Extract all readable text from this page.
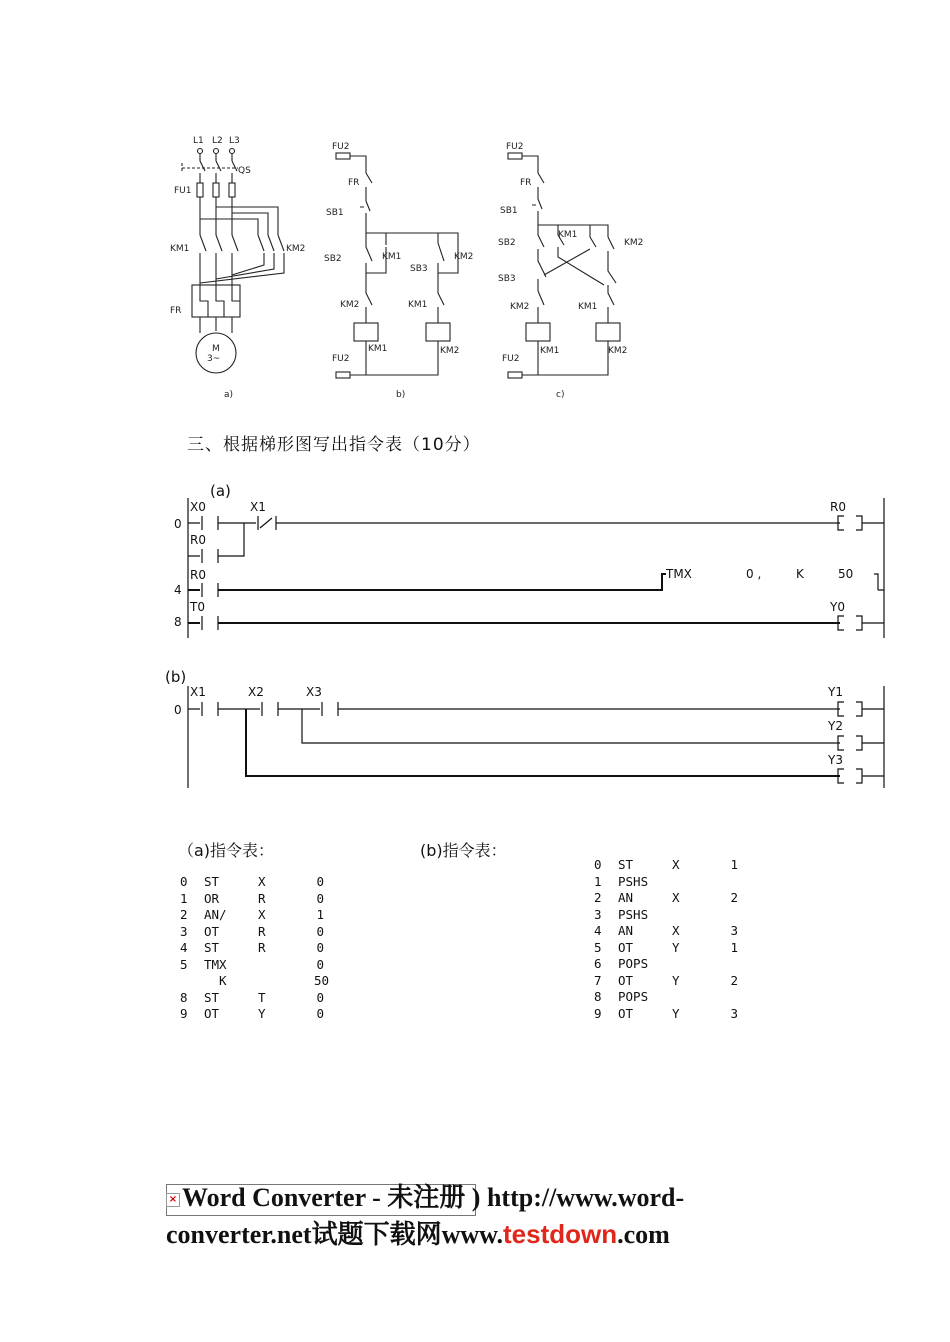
L1 L2 L3
QS
FU1
KM1	KM2
FR
M
3~
a)
FU2
FR
SB1
SB2	KM1
SB3
KM2
KM2	KM1
KM1	KM2
FU2
b)
FU2
FR
SB1
SB2
KM1
KM2
SB3
KM2	KM1
KM1	KM2
FU2
c)
三、根据梯形图写出指令表（10分）
(a)
0
X0	X1
R0
R0
4
R0	TMX	0 ,	K	50
8
T0	Y0
(b)
0
X1	X2	X3	Y1
Y2
Y3
（a)指令表：	(b)指令表：
0	ST	X	0
1	OR	R	0
2	AN/	X	1
3	OT	R	0
4	ST	R	0
5	TMX	0
K	50
8	ST	T	0
9	OT	Y	0
0	ST	X	1
1	PSHS
2	AN	X	2
3	PSHS
4	AN	X	3
5	OT	Y	1
6	POPS
7	OT	Y	2
8	POPS
9	OT	Y	3
× Word Converter - 未注册 ) http://www.word-
converter.net试题下载网www.testdown.com
